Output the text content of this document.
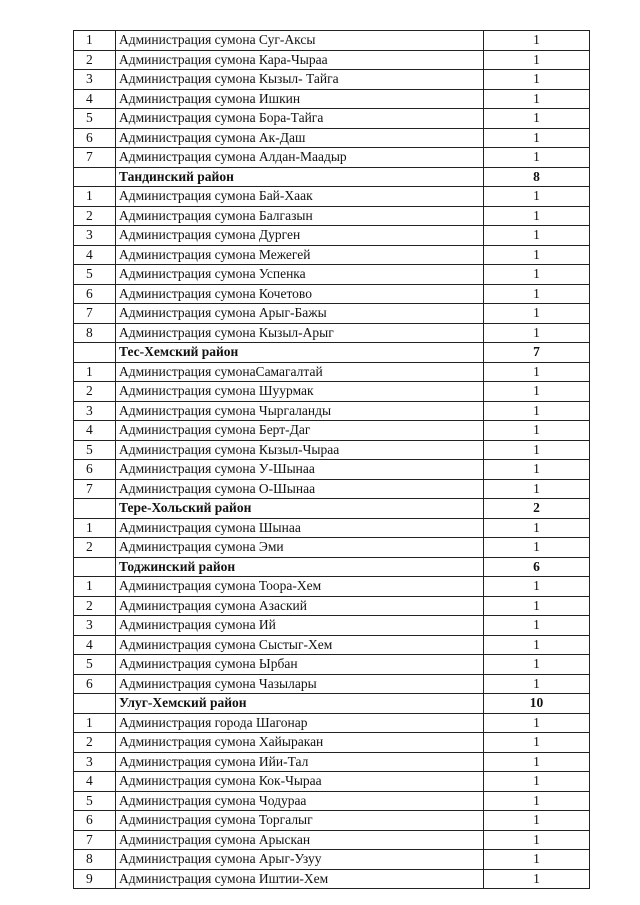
1	Администрация сумона Суг-Аксы	1
2	Администрация сумона Кара-Чыраа	1
3	Администрация сумона Кызыл- Тайга	1
4	Администрация сумона Ишкин	1
5	Администрация сумона Бора-Тайга	1
6	Администрация сумона Ак-Даш	1
7	Администрация сумона Алдан-Маадыр	1
	Тандинский район	8
1	Администрация сумона Бай-Хаак	1
2	Администрация сумона Балгазын	1
3	Администрация сумона Дурген	1
4	Администрация сумона Межегей	1
5	Администрация сумона Успенка	1
6	Администрация сумона Кочетово	1
7	Администрация сумона Арыг-Бажы	1
8	Администрация сумона Кызыл-Арыг	1
	Тес-Хемский район	7
1	Администрация сумонаСамагалтай	1
2	Администрация сумона Шуурмак	1
3	Администрация сумона Чыргаланды	1
4	Администрация сумона Берт-Даг	1
5	Администрация сумона Кызыл-Чыраа	1
6	Администрация сумона У-Шынаа	1
7	Администрация сумона О-Шынаа	1
	Тере-Хольский район	2
1	Администрация сумона Шынаа	1
2	Администрация сумона Эми	1
	Тоджинский район	6
1	Администрация сумона Тоора-Хем	1
2	Администрация сумона Азаский	1
3	Администрация сумона Ий	1
4	Администрация сумона Сыстыг-Хем	1
5	Администрация сумона Ырбан	1
6	Администрация сумона Чазылары	1
	Улуг-Хемский район	10
1	Администрация города Шагонар	1
2	Администрация сумона Хайыракан	1
3	Администрация сумона Ийи-Тал	1
4	Администрация сумона Кок-Чыраа	1
5	Администрация сумона Чодураа	1
6	Администрация сумона Торгалыг	1
7	Администрация сумона Арыскан	1
8	Администрация сумона Арыг-Узуу	1
9	Администрация сумона Иштии-Хем	1
